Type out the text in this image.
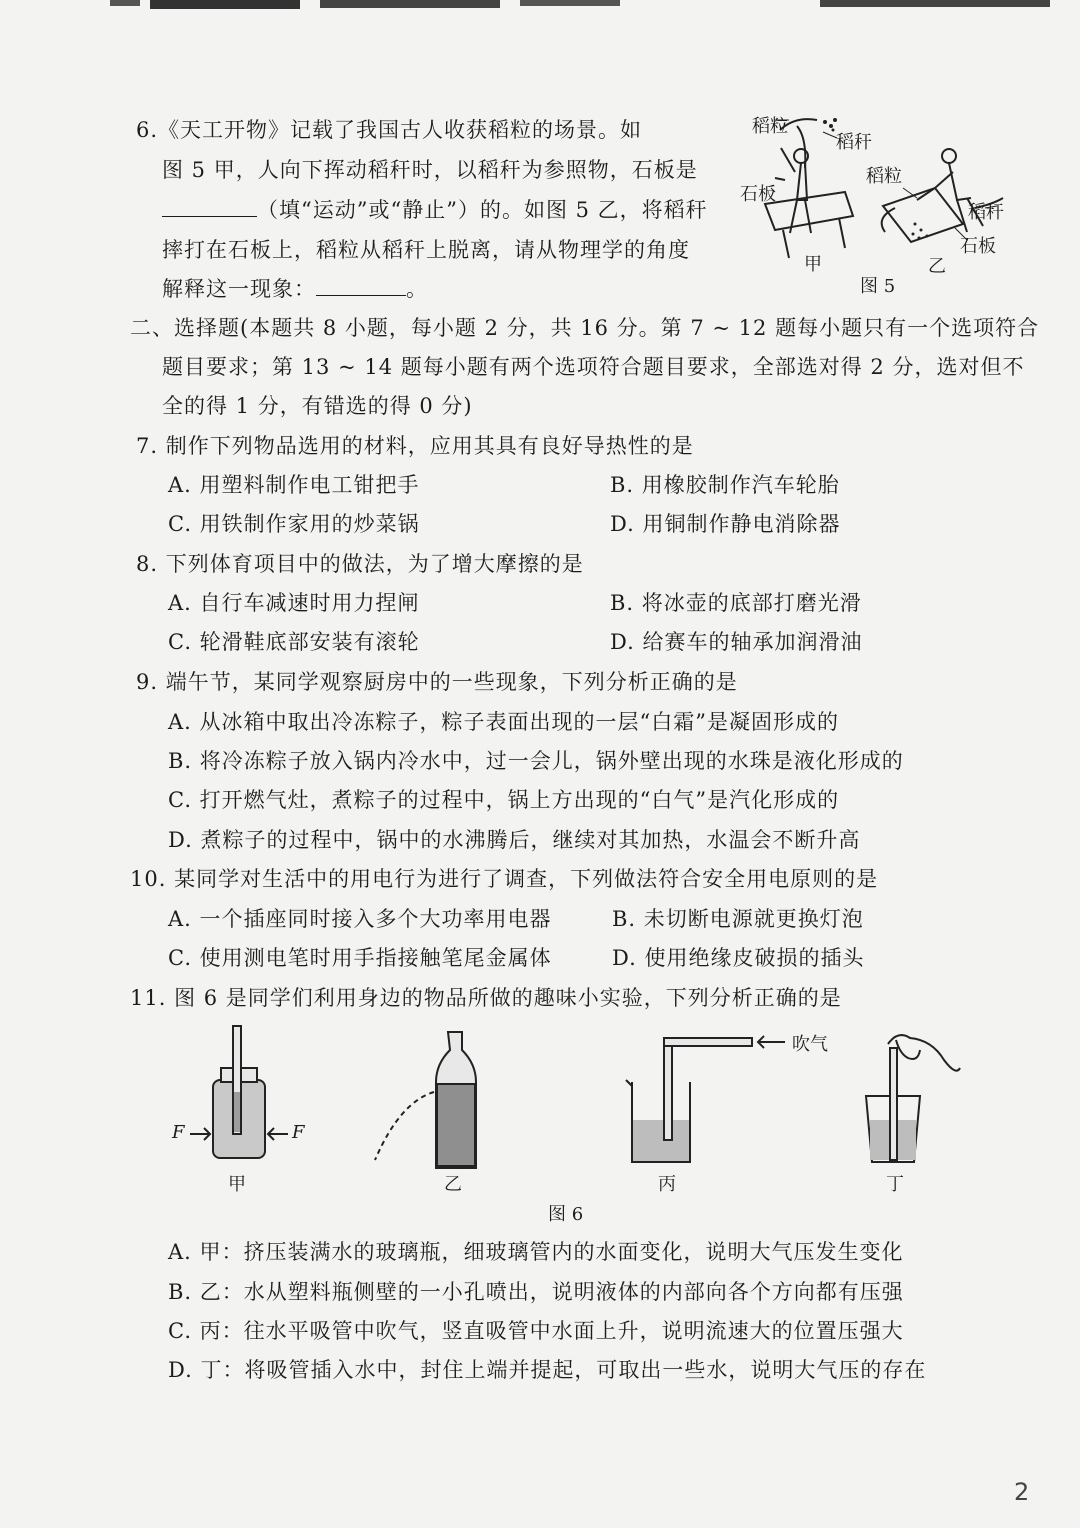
6.《天工开物》记载了我国古人收获稻粒的场景。如
图 5 甲，人向下挥动稻秆时，以稻秆为参照物，石板是
（填“运动”或“静止”）的。如图 5 乙，将稻秆
摔打在石板上，稻粒从稻秆上脱离，请从物理学的角度
解释这一现象：	。
稻粒
稻秆
石板
稻粒
稻秆
石板
甲	乙
图 5
二、选择题(本题共 8 小题，每小题 2 分，共 16 分。第 7 ~ 12 题每小题只有一个选项符合
题目要求；第 13 ~ 14 题每小题有两个选项符合题目要求，全部选对得 2 分，选对但不
全的得 1 分，有错选的得 0 分)
7. 制作下列物品选用的材料，应用其具有良好导热性的是
A. 用塑料制作电工钳把手	B. 用橡胶制作汽车轮胎
C. 用铁制作家用的炒菜锅	D. 用铜制作静电消除器
8. 下列体育项目中的做法，为了增大摩擦的是
A. 自行车减速时用力捏闸	B. 将冰壶的底部打磨光滑
C. 轮滑鞋底部安装有滚轮	D. 给赛车的轴承加润滑油
9. 端午节，某同学观察厨房中的一些现象，下列分析正确的是
A. 从冰箱中取出冷冻粽子，粽子表面出现的一层“白霜”是凝固形成的
B. 将冷冻粽子放入锅内冷水中，过一会儿，锅外壁出现的水珠是液化形成的
C. 打开燃气灶，煮粽子的过程中，锅上方出现的“白气”是汽化形成的
D. 煮粽子的过程中，锅中的水沸腾后，继续对其加热，水温会不断升高
10. 某同学对生活中的用电行为进行了调查，下列做法符合安全用电原则的是
A. 一个插座同时接入多个大功率用电器	B. 未切断电源就更换灯泡
C. 使用测电笔时用手指接触笔尾金属体	D. 使用绝缘皮破损的插头
11. 图 6 是同学们利用身边的物品所做的趣味小实验，下列分析正确的是
F	F
吹气
甲	乙	丙	丁
图 6
A. 甲：挤压装满水的玻璃瓶，细玻璃管内的水面变化，说明大气压发生变化
B. 乙：水从塑料瓶侧壁的一小孔喷出，说明液体的内部向各个方向都有压强
C. 丙：往水平吸管中吹气，竖直吸管中水面上升，说明流速大的位置压强大
D. 丁：将吸管插入水中，封住上端并提起，可取出一些水，说明大气压的存在
2
